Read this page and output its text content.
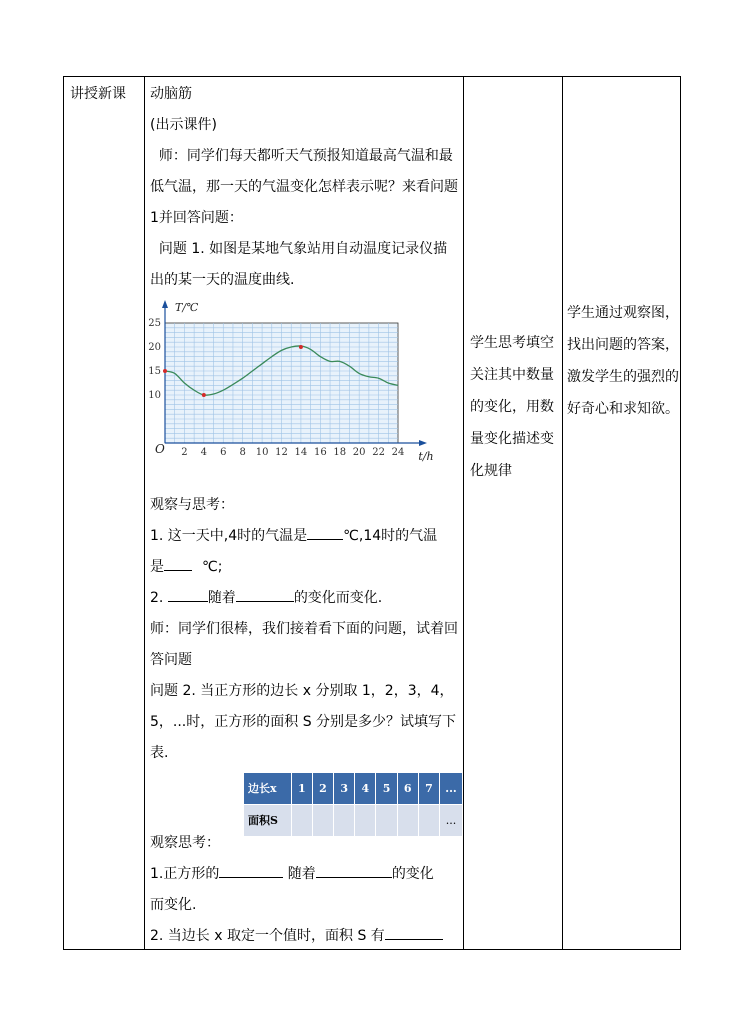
讲授新课 动脑筋

(出示课件)

师：同学们每天都听天气预报知道最高气温和最

低气温，那一天的气温变化怎样表示呢？来看问题

1并回答问题：

问题 1. 如图是某地气象站用自动温度记录仪描

出的某一天的温度曲线.

2 4 6 8 10 12 14 16 18 20 22 24
10
15
20
25
O
t/h
T/℃

观察与思考：

1. 这一天中,4时的气温是	℃,14时的气温

是	℃;

2.	随着	的变化而变化.

师：同学们很棒，我们接着看下面的问题，试着回

答问题

问题 2. 当正方形的边长 x 分别取 1，2，3，4，

5，...时，正方形的面积 S 分别是多少？试填写下

表.

边长x	1	2	3	4	5	6	7	...
面积S								...

观察思考：

1.正方形的	随着	的变化

而变化.

2. 当边长 x 取定一个值时，面积 S 有

学生思考填空关注其中数量的变化，用数量变化描述变化规律
学生通过观察图，找出问题的答案，激发学生的强烈的好奇心和求知欲。
